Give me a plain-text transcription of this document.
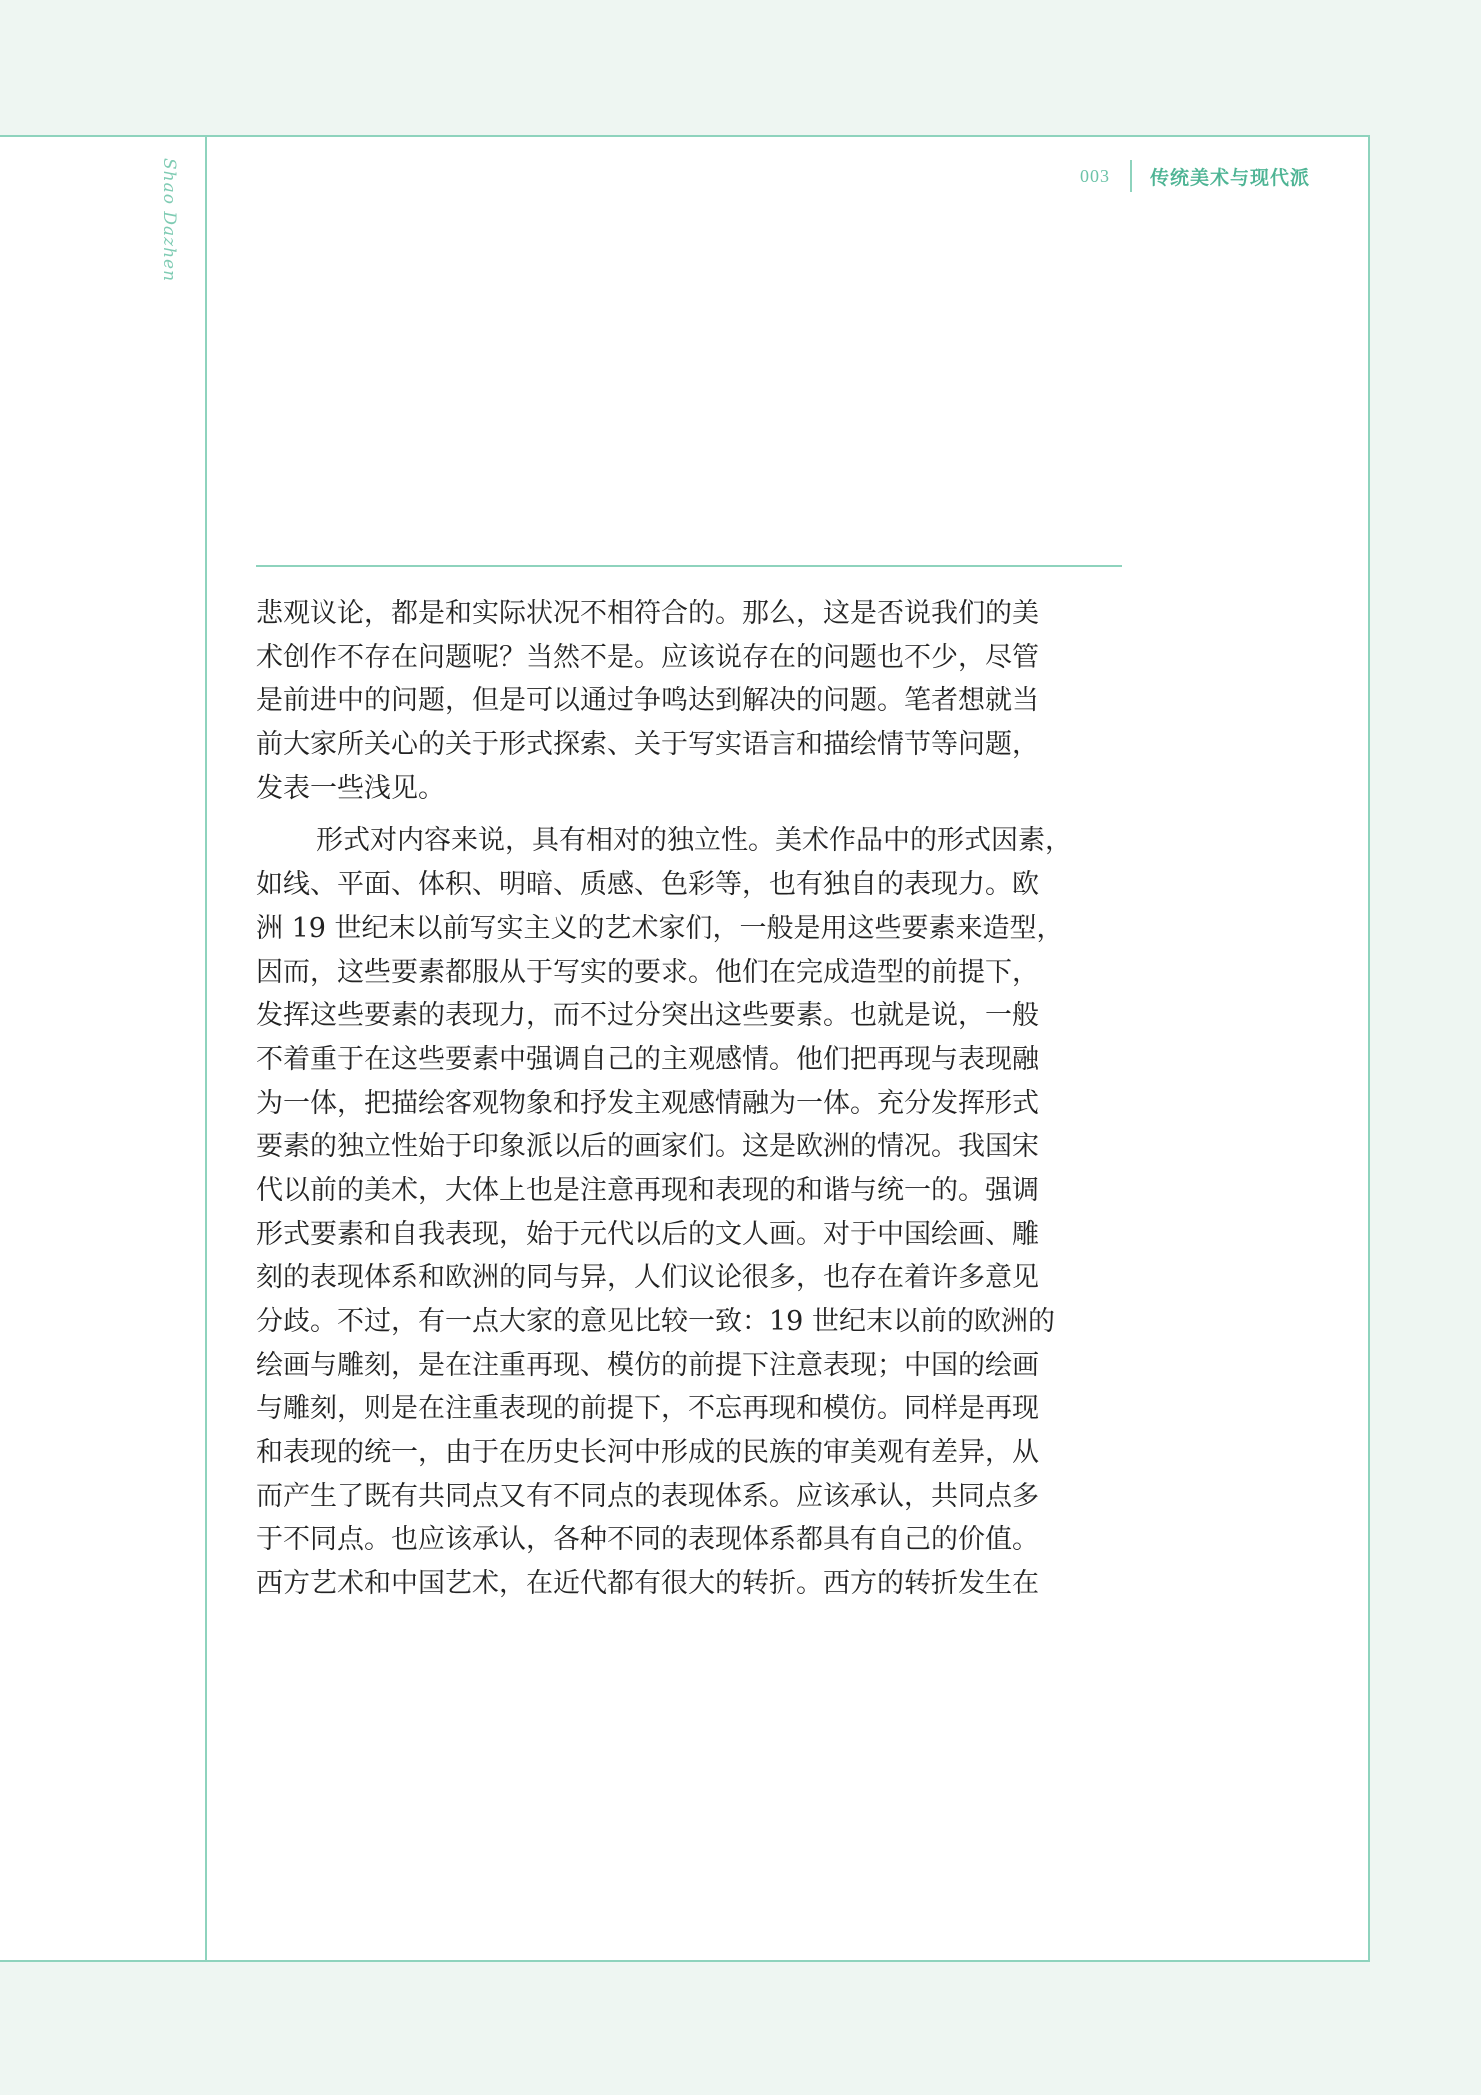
Shao Dazhen	003 传统美术与现代派
悲观议论，都是和实际状况不相符合的。那么，这是否说我们的美
术创作不存在问题呢？当然不是。应该说存在的问题也不少，尽管
是前进中的问题，但是可以通过争鸣达到解决的问题。笔者想就当
前大家所关心的关于形式探索、关于写实语言和描绘情节等问题，
发表一些浅见。
形式对内容来说，具有相对的独立性。美术作品中的形式因素，
如线、平面、体积、明暗、质感、色彩等，也有独自的表现力。欧
洲 19 世纪末以前写实主义的艺术家们，一般是用这些要素来造型，
因而，这些要素都服从于写实的要求。他们在完成造型的前提下，
发挥这些要素的表现力，而不过分突出这些要素。也就是说，一般
不着重于在这些要素中强调自己的主观感情。他们把再现与表现融
为一体，把描绘客观物象和抒发主观感情融为一体。充分发挥形式
要素的独立性始于印象派以后的画家们。这是欧洲的情况。我国宋
代以前的美术，大体上也是注意再现和表现的和谐与统一的。强调
形式要素和自我表现，始于元代以后的文人画。对于中国绘画、雕
刻的表现体系和欧洲的同与异，人们议论很多，也存在着许多意见
分歧。不过，有一点大家的意见比较一致：19 世纪末以前的欧洲的
绘画与雕刻，是在注重再现、模仿的前提下注意表现；中国的绘画
与雕刻，则是在注重表现的前提下，不忘再现和模仿。同样是再现
和表现的统一，由于在历史长河中形成的民族的审美观有差异，从
而产生了既有共同点又有不同点的表现体系。应该承认，共同点多
于不同点。也应该承认，各种不同的表现体系都具有自己的价值。
西方艺术和中国艺术，在近代都有很大的转折。西方的转折发生在
